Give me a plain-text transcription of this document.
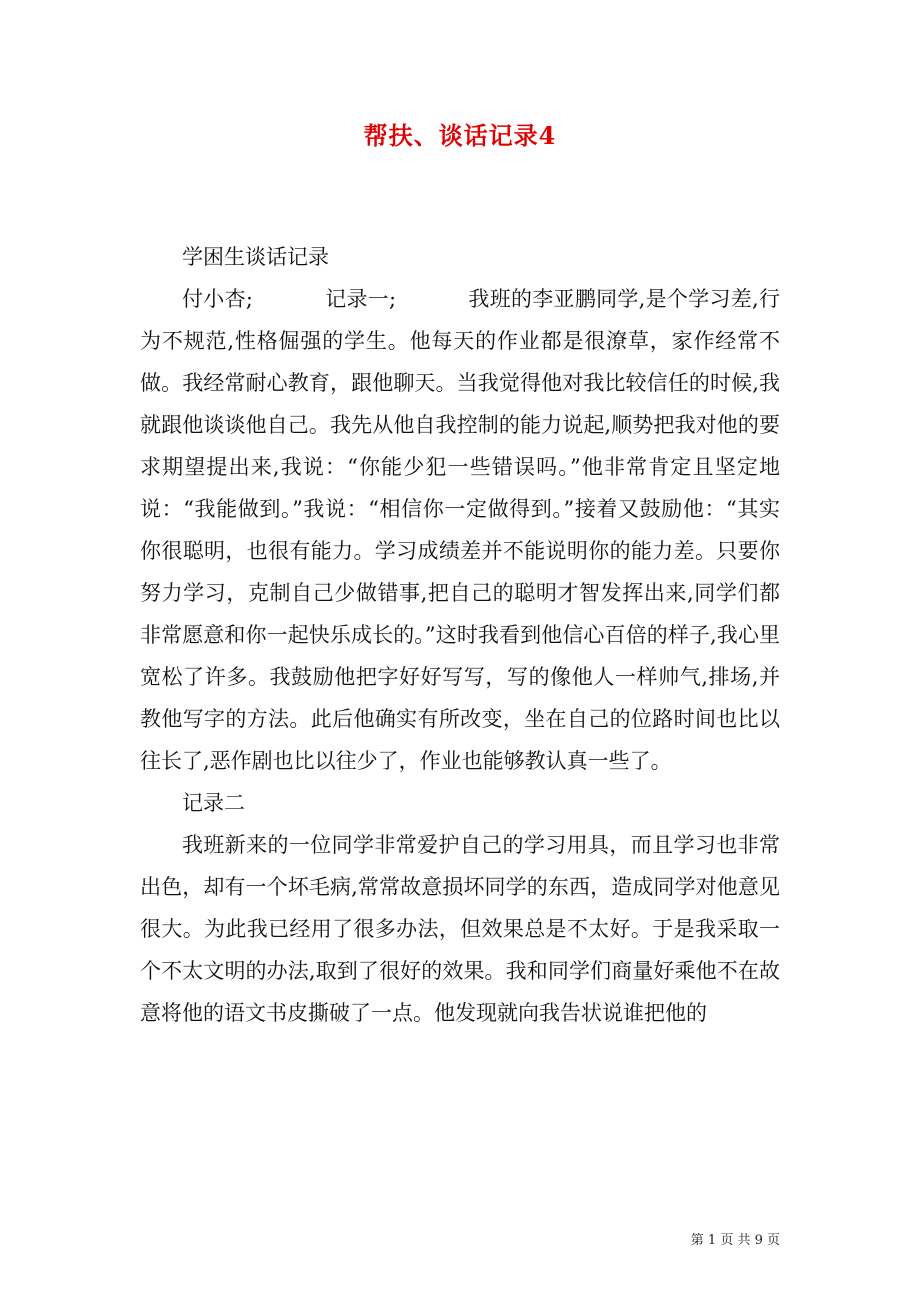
帮扶、谈话记录4

学困生谈话记录

付小杏;	记录一;	我班的李亚鹏同学,是个学习差,行为不规范,性格倔强的学生。他每天的作业都是很潦草，家作经常不做。我经常耐心教育，跟他聊天。当我觉得他对我比较信任的时候,我就跟他谈谈他自己。我先从他自我控制的能力说起,顺势把我对他的要求期望提出来,我说：“你能少犯一些错误吗。”他非常肯定且坚定地说：“我能做到。”我说：“相信你一定做得到。”接着又鼓励他：“其实你很聪明，也很有能力。学习成绩差并不能说明你的能力差。只要你努力学习，克制自己少做错事,把自己的聪明才智发挥出来,同学们都非常愿意和你一起快乐成长的。”这时我看到他信心百倍的样子,我心里宽松了许多。我鼓励他把字好好写写，写的像他人一样帅气,排场,并教他写字的方法。此后他确实有所改变，坐在自己的位路时间也比以往长了,恶作剧也比以往少了，作业也能够教认真一些了。

记录二

我班新来的一位同学非常爱护自己的学习用具，而且学习也非常出色，却有一个坏毛病,常常故意损坏同学的东西，造成同学对他意见很大。为此我已经用了很多办法，但效果总是不太好。于是我采取一个不太文明的办法,取到了很好的效果。我和同学们商量好乘他不在故意将他的语文书皮撕破了一点。他发现就向我告状说谁把他的

第 1 页 共 9 页
